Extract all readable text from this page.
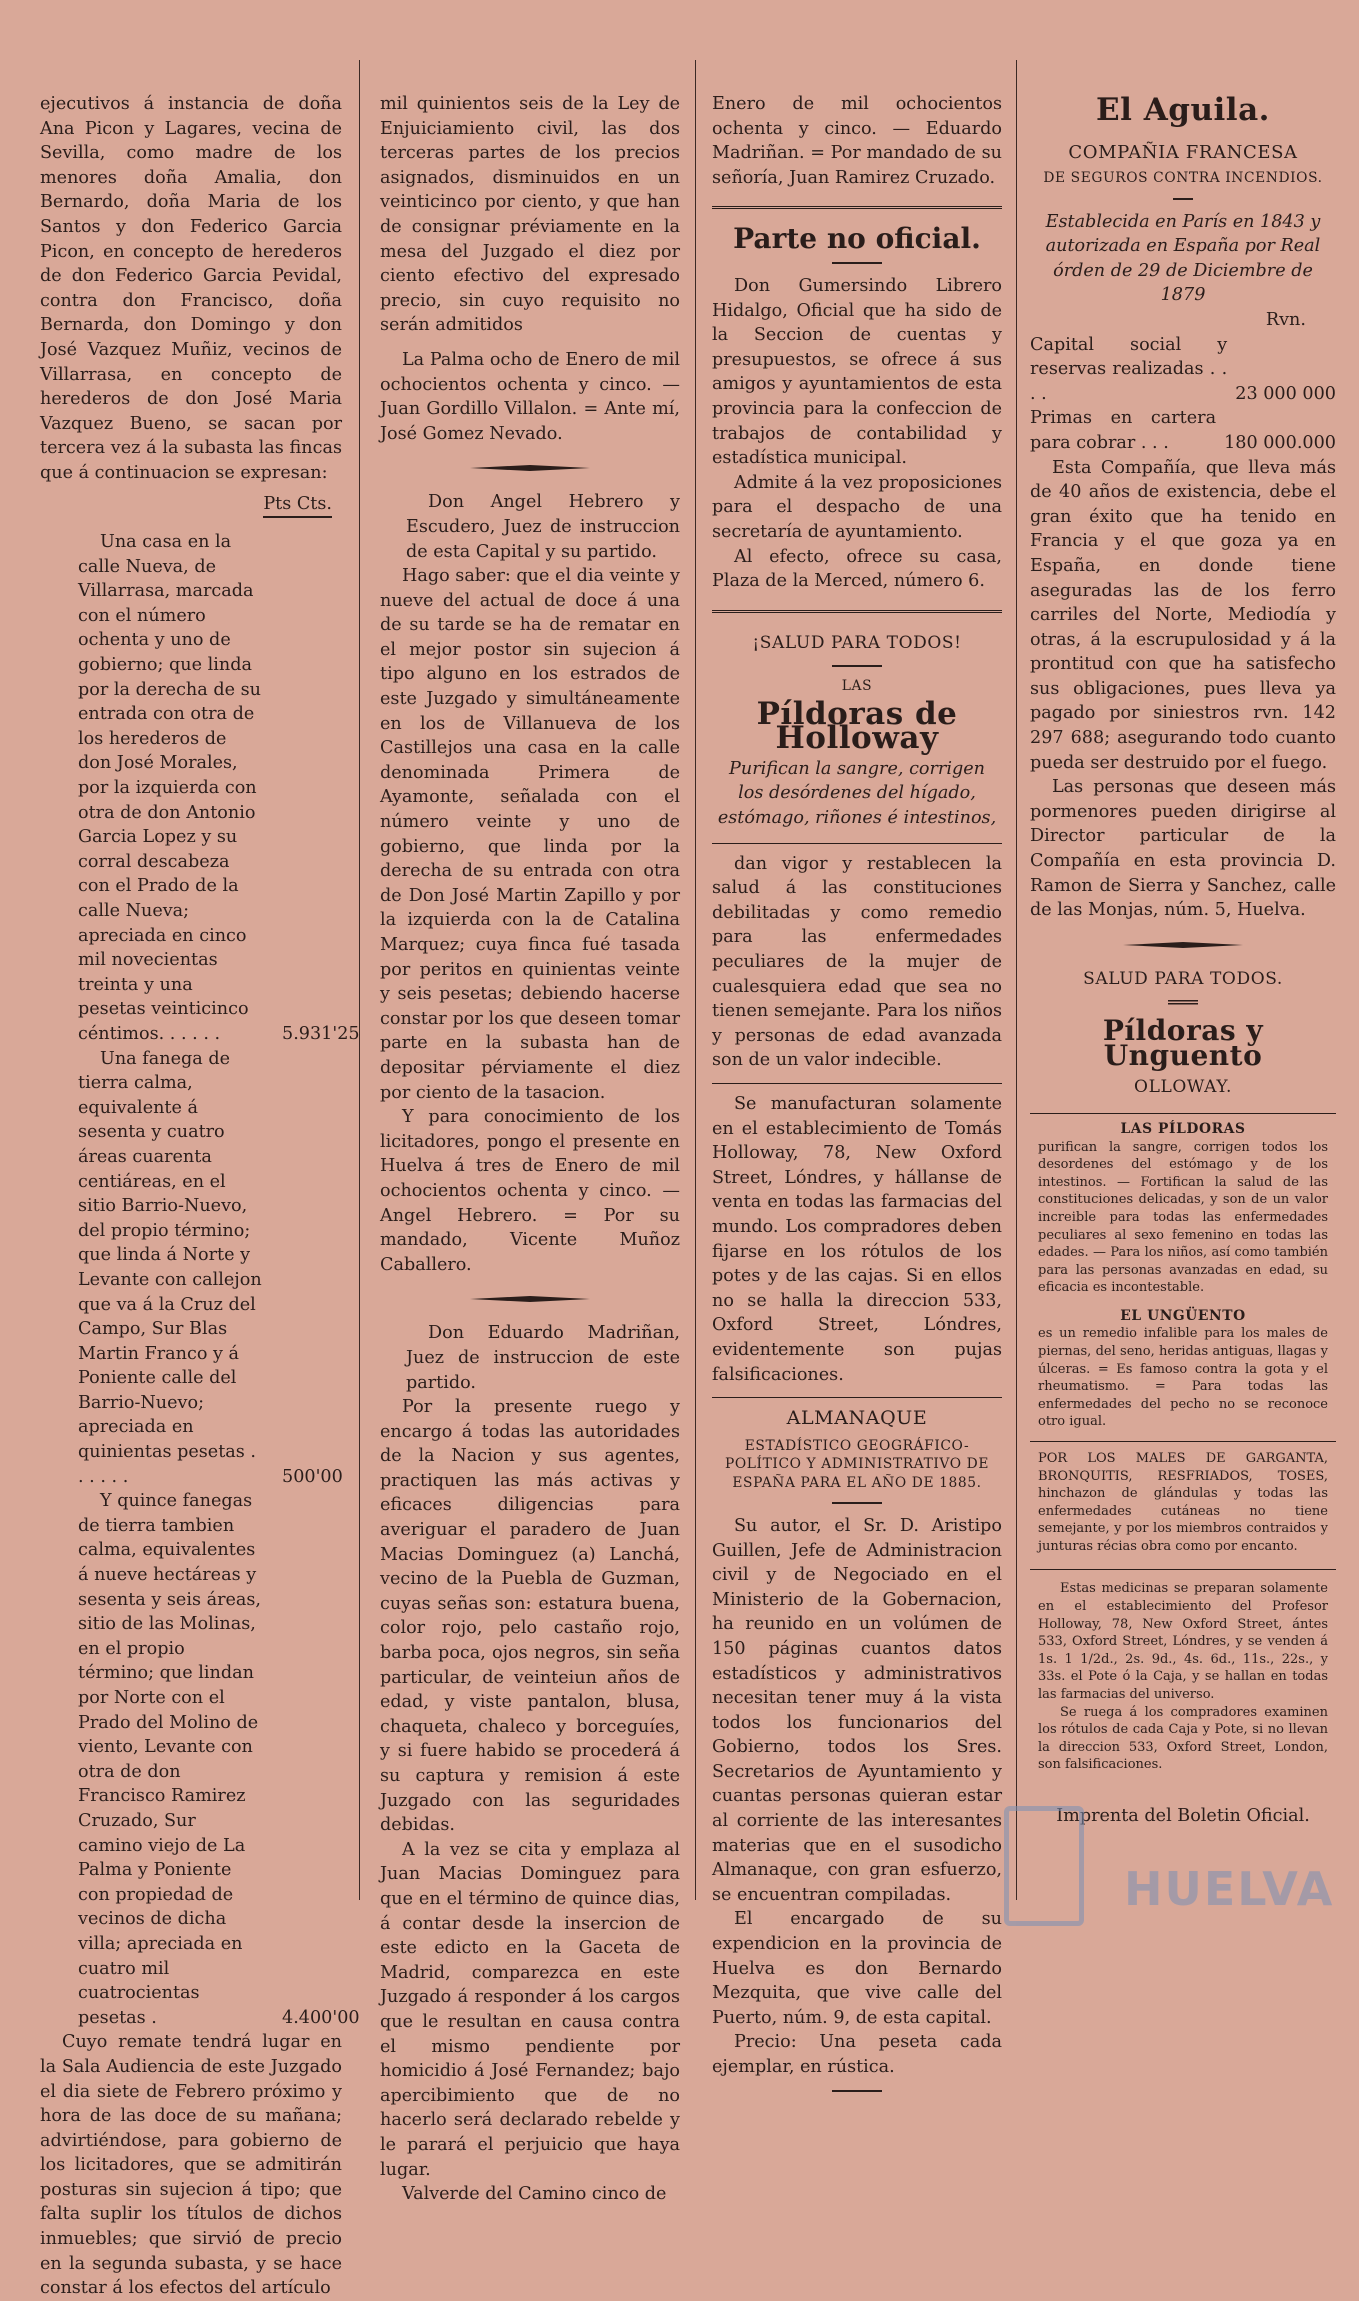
ejecutivos á instancia de doña Ana Picon y Lagares, vecina de Sevilla, como madre de los menores doña Amalia, don Bernardo, doña Maria de los Santos y don Federico Garcia Picon, en concepto de herederos de don Federico Garcia Pevidal, contra don Francisco, doña Bernarda, don Domingo y don José Vazquez Muñiz, vecinos de Villarrasa, en concepto de herederos de don José Maria Vazquez Bueno, se sacan por tercera vez á la subasta las fincas que á continuacion se expresan:

Pts Cts.
Una casa en la calle Nueva, de Villarrasa, marcada con el número ochenta y uno de gobierno; que linda por la derecha de su entrada con otra de los herederos de don José Morales, por la izquierda con otra de don Antonio Garcia Lopez y su corral descabeza con el Prado de la calle Nueva; apreciada en cinco mil novecientas treinta y una pesetas veinticinco céntimos. . . . . .	5.931'25
Una fanega de tierra calma, equivalente á sesenta y cuatro áreas cuarenta centiáreas, en el sitio Barrio-Nuevo, del propio término; que linda á Norte y Levante con callejon que va á la Cruz del Campo, Sur Blas Martin Franco y á Poniente calle del Barrio-Nuevo; apreciada en quinientas pesetas . . . . . .	500'00
Y quince fanegas de tierra tambien calma, equivalentes á nueve hectáreas y sesenta y seis áreas, sitio de las Molinas, en el propio término; que lindan por Norte con el Prado del Molino de viento, Levante con otra de don Francisco Ramirez Cruzado, Sur camino viejo de La Palma y Poniente con propiedad de vecinos de dicha villa; apreciada en cuatro mil cuatrocientas pesetas .	4.400'00

Cuyo remate tendrá lugar en la Sala Audiencia de este Juzgado el dia siete de Febrero próximo y hora de las doce de su mañana; advirtiéndose, para gobierno de los licitadores, que se admitirán posturas sin sujecion á tipo; que falta suplir los títulos de dichos inmuebles; que sirvió de precio en la segunda subasta, y se hace constar á los efectos del artículo

mil quinientos seis de la Ley de Enjuiciamiento civil, las dos terceras partes de los precios asignados, disminuidos en un veinticinco por ciento, y que han de consignar préviamente en la mesa del Juzgado el diez por ciento efectivo del expresado precio, sin cuyo requisito no serán admitidos

La Palma ocho de Enero de mil ochocientos ochenta y cinco. —Juan Gordillo Villalon. = Ante mí, José Gomez Nevado.

Don Angel Hebrero y Escudero, Juez de instruccion de esta Capital y su partido.

Hago saber: que el dia veinte y nueve del actual de doce á una de su tarde se ha de rematar en el mejor postor sin sujecion á tipo alguno en los estrados de este Juzgado y simultáneamente en los de Villanueva de los Castillejos una casa en la calle denominada Primera de Ayamonte, señalada con el número veinte y uno de gobierno, que linda por la derecha de su entrada con otra de Don José Martin Zapillo y por la izquierda con la de Catalina Marquez; cuya finca fué tasada por peritos en quinientas veinte y seis pesetas; debiendo hacerse constar por los que deseen tomar parte en la subasta han de depositar pérviamente el diez por ciento de la tasacion.

Y para conocimiento de los licitadores, pongo el presente en Huelva á tres de Enero de mil ochocientos ochenta y cinco. — Angel Hebrero. = Por su mandado, Vicente Muñoz Caballero.

Don Eduardo Madriñan, Juez de instruccion de este partido.

Por la presente ruego y encargo á todas las autoridades de la Nacion y sus agentes, practiquen las más activas y eficaces diligencias para averiguar el paradero de Juan Macias Dominguez (a) Lanchá, vecino de la Puebla de Guzman, cuyas señas son: estatura buena, color rojo, pelo castaño rojo, barba poca, ojos negros, sin seña particular, de veinteiun años de edad, y viste pantalon, blusa, chaqueta, chaleco y borceguíes, y si fuere habido se procederá á su captura y remision á este Juzgado con las seguridades debidas.

A la vez se cita y emplaza al Juan Macias Dominguez para que en el término de quince dias, á contar desde la insercion de este edicto en la Gaceta de Madrid, comparezca en este Juzgado á responder á los cargos que le resultan en causa contra el mismo pendiente por homicidio á José Fernandez; bajo apercibimiento que de no hacerlo será declarado rebelde y le parará el perjuicio que haya lugar.

Valverde del Camino cinco de

Enero de mil ochocientos ochenta y cinco. — Eduardo Madriñan. = Por mandado de su señoría, Juan Ramirez Cruzado.

Parte no oficial.

Don Gumersindo Librero Hidalgo, Oficial que ha sido de la Seccion de cuentas y presupuestos, se ofrece á sus amigos y ayuntamientos de esta provincia para la confeccion de trabajos de contabilidad y estadística municipal.

Admite á la vez proposiciones para el despacho de una secretaría de ayuntamiento.

Al efecto, ofrece su casa, Plaza de la Merced, número 6.

¡SALUD PARA TODOS!
LAS
Píldoras de Holloway

Purifican la sangre, corrigen los desórdenes del hígado, estómago, riñones é intestinos,

dan vigor y restablecen la salud á las constituciones debilitadas y como remedio para las enfermedades peculiares de la mujer de cualesquiera edad que sea no tienen semejante. Para los niños y personas de edad avanzada son de un valor indecible.

Se manufacturan solamente en el establecimiento de Tomás Holloway, 78, New Oxford Street, Lóndres, y hállanse de venta en todas las farmacias del mundo. Los compradores deben fijarse en los rótulos de los potes y de las cajas. Si en ellos no se halla la direccion 533, Oxford Street, Lóndres, evidentemente son pujas falsificaciones.

ALMANAQUE
ESTADÍSTICO GEOGRÁFICO-POLÍTICO Y ADMINISTRATIVO DE ESPAÑA PARA EL AÑO DE 1885.

Su autor, el Sr. D. Aristipo Guillen, Jefe de Administracion civil y de Negociado en el Ministerio de la Gobernacion, ha reunido en un volúmen de 150 páginas cuantos datos estadísticos y administrativos necesitan tener muy á la vista todos los funcionarios del Gobierno, todos los Sres. Secretarios de Ayuntamiento y cuantas personas quieran estar al corriente de las interesantes materias que en el susodicho Almanaque, con gran esfuerzo, se encuentran compiladas.

El encargado de su expendicion en la provincia de Huelva es don Bernardo Mezquita, que vive calle del Puerto, núm. 9, de esta capital.

Precio: Una peseta cada ejemplar, en rústica.

El Aguila.
COMPAÑIA FRANCESA
DE SEGUROS CONTRA INCENDIOS.

Establecida en París en 1843 y autorizada en España por Real órden de 29 de Diciembre de 1879

Rvn.
Capital social y reservas realizadas . . . .	23 000 000
Primas en cartera para cobrar . . .	180 000.000

Esta Compañía, que lleva más de 40 años de existencia, debe el gran éxito que ha tenido en Francia y el que goza ya en España, en donde tiene aseguradas las de los ferro carriles del Norte, Mediodía y otras, á la escrupulosidad y á la prontitud con que ha satisfecho sus obligaciones, pues lleva ya pagado por siniestros rvn. 142 297 688; asegurando todo cuanto pueda ser destruido por el fuego.

Las personas que deseen más pormenores pueden dirigirse al Director particular de la Compañía en esta provincia D. Ramon de Sierra y Sanchez, calle de las Monjas, núm. 5, Huelva.

SALUD PARA TODOS.
Píldoras y Unguento
OLLOWAY.
LAS PÍLDORAS

purifican la sangre, corrigen todos los desordenes del estómago y de los intestinos. — Fortifican la salud de las constituciones delicadas, y son de un valor increible para todas las enfermedades peculiares al sexo femenino en todas las edades. — Para los niños, así como también para las personas avanzadas en edad, su eficacia es incontestable.

EL UNGÜENTO

es un remedio infalible para los males de piernas, del seno, heridas antiguas, llagas y úlceras. = Es famoso contra la gota y el rheumatismo. = Para todas las enfermedades del pecho no se reconoce otro igual.

POR LOS MALES DE GARGANTA, BRONQUITIS, RESFRIADOS, TOSES, hinchazon de glándulas y todas las enfermedades cutáneas no tiene semejante, y por los miembros contraidos y junturas récias obra como por encanto.

Estas medicinas se preparan solamente en el establecimiento del Profesor Holloway, 78, New Oxford Street, ántes 533, Oxford Street, Lóndres, y se venden á 1s. 1 1/2d., 2s. 9d., 4s. 6d., 11s., 22s., y 33s. el Pote ó la Caja, y se hallan en todas las farmacias del universo.

Se ruega á los compradores examinen los rótulos de cada Caja y Pote, si no llevan la direccion 533, Oxford Street, London, son falsificaciones.

Imprenta del Boletin Oficial.
HUELVA
